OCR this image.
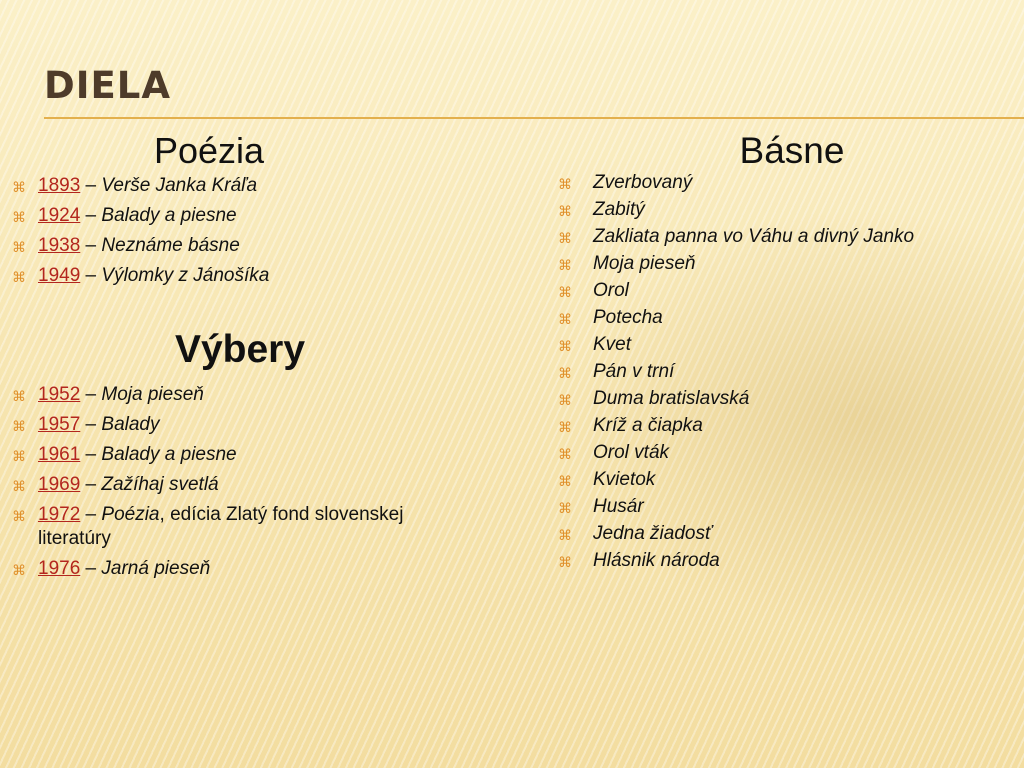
DIELA
Poézia
⌘ 1893 – Verše Janka Kráľa
⌘ 1924 – Balady a piesne
⌘ 1938 – Neznáme básne
⌘ 1949 – Výlomky z Jánošíka
Výbery
⌘ 1952 – Moja pieseň
⌘ 1957 – Balady
⌘ 1961 – Balady a piesne
⌘ 1969 – Zažíhaj svetlá
⌘ 1972 – Poézia, edícia Zlatý fond slovenskej literatúry
⌘ 1976 – Jarná pieseň
Básne
⌘ Zverbovaný
⌘ Zabitý
⌘ Zakliata panna vo Váhu a divný Janko
⌘ Moja pieseň
⌘ Orol
⌘ Potecha
⌘ Kvet
⌘ Pán v trní
⌘ Duma bratislavská
⌘ Kríž a čiapka
⌘ Orol vták
⌘ Kvietok
⌘ Husár
⌘ Jedna žiadosť
⌘ Hlásnik národa
